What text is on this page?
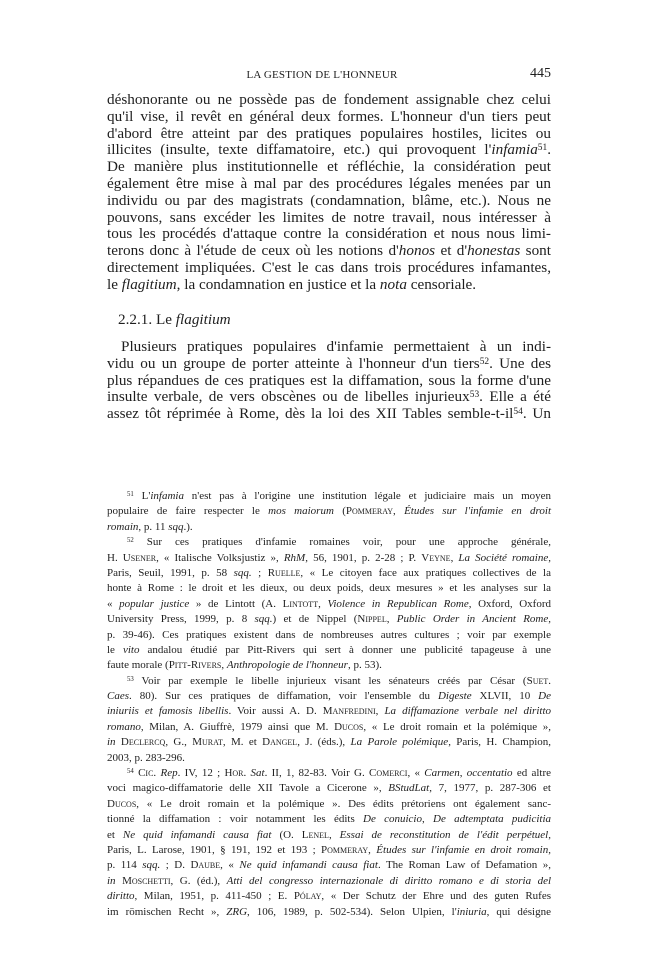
LA GESTION DE L'HONNEUR	445
déshonorante ou ne possède pas de fondement assignable chez celui
qu'il vise, il revêt en général deux formes. L'honneur d'un tiers peut
d'abord être atteint par des pratiques populaires hostiles, licites ou
illicites (insulte, texte diffamatoire, etc.) qui provoquent l'infamia$^{51}$.
De manière plus institutionnelle et réfléchie, la considération peut
également être mise à mal par des procédures légales menées par un
individu ou par des magistrats (condamnation, blâme, etc.). Nous ne
pouvons, sans excéder les limites de notre travail, nous intéresser à
tous les procédés d'attaque contre la considération et nous nous limi-
terons donc à l'étude de ceux où les notions d'honos et d'honestas sont
directement impliquées. C'est le cas dans trois procédures infamantes,
le flagitium, la condamnation en justice et la nota censoriale.
2.2.1. Le flagitium
Plusieurs pratiques populaires d'infamie permettaient à un indi-
vidu ou un groupe de porter atteinte à l'honneur d'un tiers$^{52}$. Une des
plus répandues de ces pratiques est la diffamation, sous la forme d'une
insulte verbale, de vers obscènes ou de libelles injurieux$^{53}$. Elle a été
assez tôt réprimée à Rome, dès la loi des XII Tables semble-$t-il^{54}$. Un
$^{51}$ L'infamia n'est pas à l'origine une institution légale et judiciaire mais un moyen
populaire de faire respecter le mos maiorum (Pommeray, Études sur l'infamie en droit
romain, p. 11 sqq.).
$^{52}$ Sur ces pratiques d'infamie romaines voir, pour une approche générale,
H. Usener, « Italische Volksjustiz », RhM, 56, 1901, p. 2-28 ; P. Veyne, La Société romaine,
Paris, Seuil, 1991, p. 58 sqq. ; Ruelle, « Le citoyen face aux pratiques collectives de la
honte à Rome : le droit et les dieux, ou deux poids, deux mesures » et les analyses sur la
« popular justice » de Lintott (A. Lintott, Violence in Republican Rome, Oxford, Oxford
University Press, 1999, p. 8 sqq.) et de Nippel (Nippel, Public Order in Ancient Rome,
p. 39-46). Ces pratiques existent dans de nombreuses autres cultures ; voir par exemple
le vito andalou étudié par Pitt-Rivers qui sert à donner une publicité tapageuse à une
faute morale (Pitt-Rivers, Anthropologie de l'honneur, p. 53).
$^{53}$ Voir par exemple le libelle injurieux visant les sénateurs créés par César (Suet.
Caes. 80). Sur ces pratiques de diffamation, voir l'ensemble du Digeste XLVII, 10 De
iniuriis et famosis libellis. Voir aussi A. D. Manfredini, La diffamazione verbale nel diritto
romano, Milan, A. Giuffrè, 1979 ainsi que M. Ducos, « Le droit romain et la polémique »,
in Declercq, G., Murat, M. et Dangel, J. (éds.), La Parole polémique, Paris, H. Champion,
2003, p. 283-296.
$^{54}$ Cic. Rep. IV, 12 ; Hor. Sat. II, 1, 82-83. Voir G. Comerci, « Carmen, occentatio ed altre
voci magico-diffamatorie delle XII Tavole a Cicerone », BStudLat, 7, 1977, p. 287-306 et
Ducos, « Le droit romain et la polémique ». Des édits prétoriens ont également sanc-
tionné la diffamation : voir notamment les édits De conuicio, De adtemptata pudicitia
et Ne quid infamandi causa fiat (O. Lenel, Essai de reconstitution de l'édit perpétuel,
Paris, L. Larose, 1901, § 191, 192 et 193 ; Pommeray, Études sur l'infamie en droit romain,
p. 114 sqq. ; D. Daube, « Ne quid infamandi causa fiat. The Roman Law of Defamation »,
in Moschetti, G. (éd.), Atti del congresso internazionale di diritto romano e di storia del
diritto, Milan, 1951, p. 411-450 ; E. Pólay, « Der Schutz der Ehre und des guten Rufes
im römischen Recht », ZRG, 106, 1989, p. 502-534). Selon Ulpien, l'iniuria, qui désigne
